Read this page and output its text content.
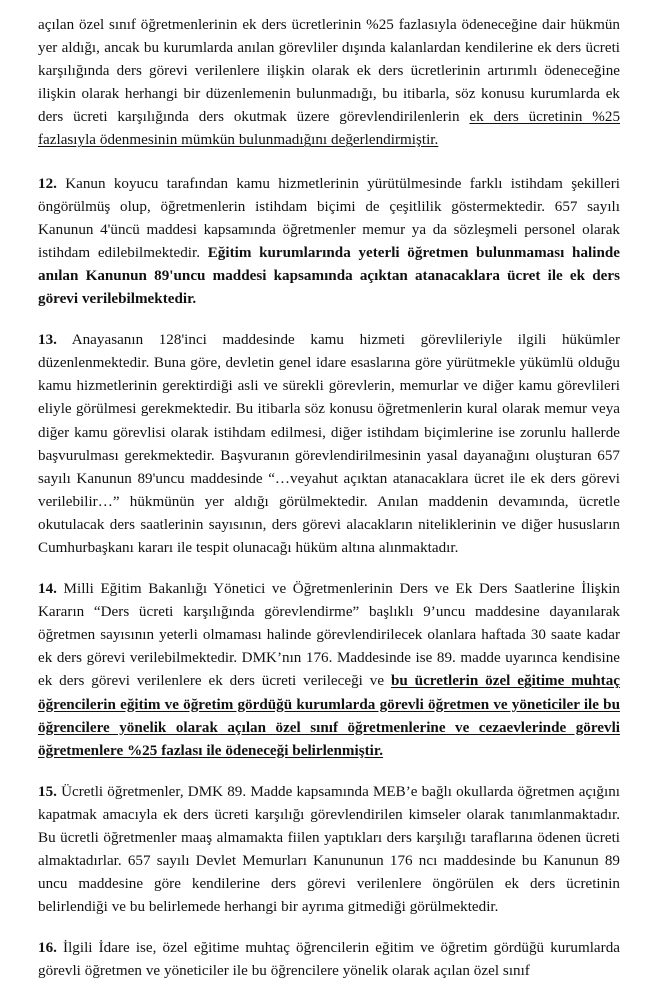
açılan özel sınıf öğretmenlerinin ek ders ücretlerinin %25 fazlasıyla ödeneceğine dair hükmün yer aldığı, ancak bu kurumlarda anılan görevliler dışında kalanlardan kendilerine ek ders ücreti karşılığında ders görevi verilenlere ilişkin olarak ek ders ücretlerinin artırımlı ödeneceğine ilişkin olarak herhangi bir düzenlemenin bulunmadığı, bu itibarla, söz konusu kurumlarda ek ders ücreti karşılığında ders okutmak üzere görevlendirilenlerin ek ders ücretinin %25 fazlasıyla ödenmesinin mümkün bulunmadığını değerlendirmiştir.

12. Kanun koyucu tarafından kamu hizmetlerinin yürütülmesinde farklı istihdam şekilleri öngörülmüş olup, öğretmenlerin istihdam biçimi de çeşitlilik göstermektedir. 657 sayılı Kanunun 4'üncü maddesi kapsamında öğretmenler memur ya da sözleşmeli personel olarak istihdam edilebilmektedir. Eğitim kurumlarında yeterli öğretmen bulunmaması halinde anılan Kanunun 89'uncu maddesi kapsamında açıktan atanacaklara ücret ile ek ders görevi verilebilmektedir.

13. Anayasanın 128'inci maddesinde kamu hizmeti görevlileriyle ilgili hükümler düzenlenmektedir. Buna göre, devletin genel idare esaslarına göre yürütmekle yükümlü olduğu kamu hizmetlerinin gerektirdiği asli ve sürekli görevlerin, memurlar ve diğer kamu görevlileri eliyle görülmesi gerekmektedir. Bu itibarla söz konusu öğretmenlerin kural olarak memur veya diğer kamu görevlisi olarak istihdam edilmesi, diğer istihdam biçimlerine ise zorunlu hallerde başvurulması gerekmektedir. Başvuranın görevlendirilmesinin yasal dayanağını oluşturan 657 sayılı Kanunun 89'uncu maddesinde “…veyahut açıktan atanacaklara ücret ile ek ders görevi verilebilir…” hükmünün yer aldığı görülmektedir. Anılan maddenin devamında, ücretle okutulacak ders saatlerinin sayısının, ders görevi alacakların niteliklerinin ve diğer hususların Cumhurbaşkanı kararı ile tespit olunacağı hüküm altına alınmaktadır.

14. Milli Eğitim Bakanlığı Yönetici ve Öğretmenlerinin Ders ve Ek Ders Saatlerine İlişkin Kararın “Ders ücreti karşılığında görevlendirme” başlıklı 9’uncu maddesine dayanılarak öğretmen sayısının yeterli olmaması halinde görevlendirilecek olanlara haftada 30 saate kadar ek ders görevi verilebilmektedir. DMK’nın 176. Maddesinde ise 89. madde uyarınca kendisine ek ders görevi verilenlere ek ders ücreti verileceği ve bu ücretlerin özel eğitime muhtaç öğrencilerin eğitim ve öğretim gördüğü kurumlarda görevli öğretmen ve yöneticiler ile bu öğrencilere yönelik olarak açılan özel sınıf öğretmenlerine ve cezaevlerinde görevli öğretmenlere %25 fazlası ile ödeneceği belirlenmiştir.

15. Ücretli öğretmenler, DMK 89. Madde kapsamında MEB’e bağlı okullarda öğretmen açığını kapatmak amacıyla ek ders ücreti karşılığı görevlendirilen kimseler olarak tanımlanmaktadır. Bu ücretli öğretmenler maaş almamakta fiilen yaptıkları ders karşılığı taraflarına ödenen ücreti almaktadırlar. 657 sayılı Devlet Memurları Kanununun 176 ncı maddesinde bu Kanunun 89 uncu maddesine göre kendilerine ders görevi verilenlere öngörülen ek ders ücretinin belirlendiği ve bu belirlemede herhangi bir ayrıma gitmediği görülmektedir.

16. İlgili İdare ise, özel eğitime muhtaç öğrencilerin eğitim ve öğretim gördüğü kurumlarda görevli öğretmen ve yöneticiler ile bu öğrencilere yönelik olarak açılan özel sınıf
